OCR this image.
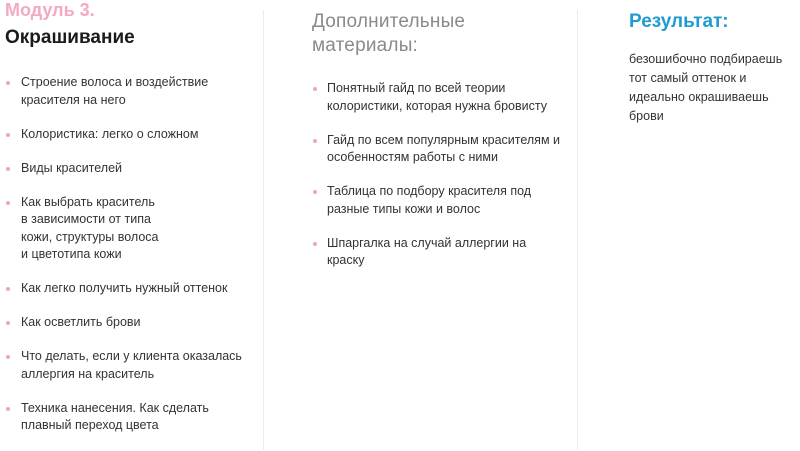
Модуль 3.
Окрашивание
Строение волоса и воздействие красителя на него
Колористика: легко о сложном
Виды красителей
Как выбрать краситель
в зависимости от типа
кожи, структуры волоса
и цветотипа кожи
Как легко получить нужный оттенок
Как осветлить брови
Что делать, если у клиента оказалась аллергия на краситель
Техника нанесения. Как сделать плавный переход цвета
Дополнительные
материалы:
Понятный гайд по всей теории колористики, которая нужна бровисту
Гайд по всем популярным красителям и особенностям работы с ними
Таблица по подбору красителя под разные типы кожи и волос
Шпаргалка на случай аллергии на краску
Результат:
безошибочно подбираешь тот самый оттенок и идеально окрашиваешь брови
